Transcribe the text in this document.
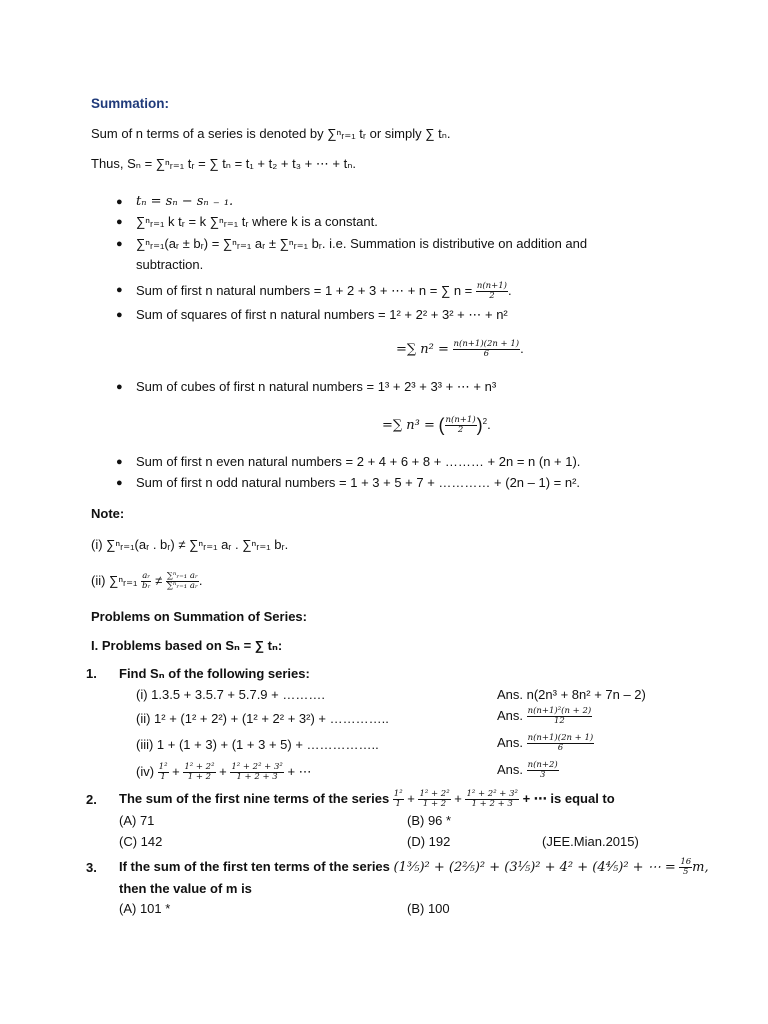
Summation:
Sum of n terms of a series is denoted by ∑ⁿᵣ₌₁ tᵣ or simply ∑ tₙ.
Thus, Sₙ = ∑ⁿᵣ₌₁ tᵣ = ∑ tₙ = t₁ + t₂ + t₃ + ⋯ + tₙ.
● tₙ = sₙ − sₙ ₋ ₁.
● ∑ⁿᵣ₌₁ k tᵣ = k ∑ⁿᵣ₌₁ tᵣ where k is a constant.
● ∑ⁿᵣ₌₁(aᵣ ± bᵣ) = ∑ⁿᵣ₌₁ aᵣ ± ∑ⁿᵣ₌₁ bᵣ. i.e. Summation is distributive on addition and
subtraction.
● Sum of first n natural numbers = 1 + 2 + 3 + ⋯ + n = ∑ $n = \frac{n(n+1)}{2}$ .
● Sum of squares of first n natural numbers = 1² + 2² + 3² + ⋯ + n²
=∑ $n^2 = \frac{n(n+1)(2n + 1)}{6}$ .
● Sum of cubes of first n natural numbers = 1³ + 2³ + 3³ + ⋯ + n³
=∑ n³ = ( $\frac{n(n+1)}{2} )^2$.
● Sum of first n even natural numbers = 2 + 4 + 6 + 8 + ……… + 2n = n (n + 1).
● Sum of first n odd natural numbers = 1 + 3 + 5 + 7 + ………… + (2n – 1) = n².
Note:
(i) ∑ⁿᵣ₌₁(aᵣ . bᵣ) ≠ ∑ⁿᵣ₌₁ aᵣ . ∑ⁿᵣ₌₁ bᵣ.
(ii) ∑ⁿᵣ₌₁ $\frac{\text{aᵣ}}{\text{bᵣ}} \ne \frac{\text{∑ⁿᵣ₌₁ aᵣ}}{\text{∑ⁿᵣ₌₁ aᵣ}}$ .
Problems on Summation of Series:
I. Problems based on Sₙ = ∑ tₙ:
1. Find Sₙ of the following series:
(i) 1.3.5 + 3.5.7 + 5.7.9 + ……….	Ans. n(2n³ + 8n² + 7n – 2)
(ii) 1² + (1² + 2²) + (1² + 2² + 3²) + …………..	Ans. $\frac{\text{n(n+1)²(n + 2)}}{12}$
(iii) 1 + (1 + 3) + (1 + 3 + 5) + ……………..	Ans. $\frac{n(n+1)(2n + 1)}{6}$
$(iv) \frac{\text{1²}}{1} + \frac{\text{1² + 2²}}{1 + 2} + \frac{\text{1² + 2² + 3²}}{1 + 2 + 3}$ + ⋯	Ans. $\frac{n(n+2)}{3}$
2. The sum of the first nine terms of the series $\frac{\text{1²}}{1} + \frac{\text{1² + 2²}}{1 + 2} + \frac{\text{1² + 2² + 3²}}{1 + 2 + 3}$ + ⋯ is equal to
(A) 71	(B) 96 *
(C) 142	(D) 192	(JEE.Mian.2015)
3. If the sum of the first ten terms of the series (1⅗)² + (2⅖)² + (3⅕)² + 4² + (4⅘)² + ⋯ = $\frac{16}{5} m$,
then the value of m is
(A) 101 *	(B) 100
